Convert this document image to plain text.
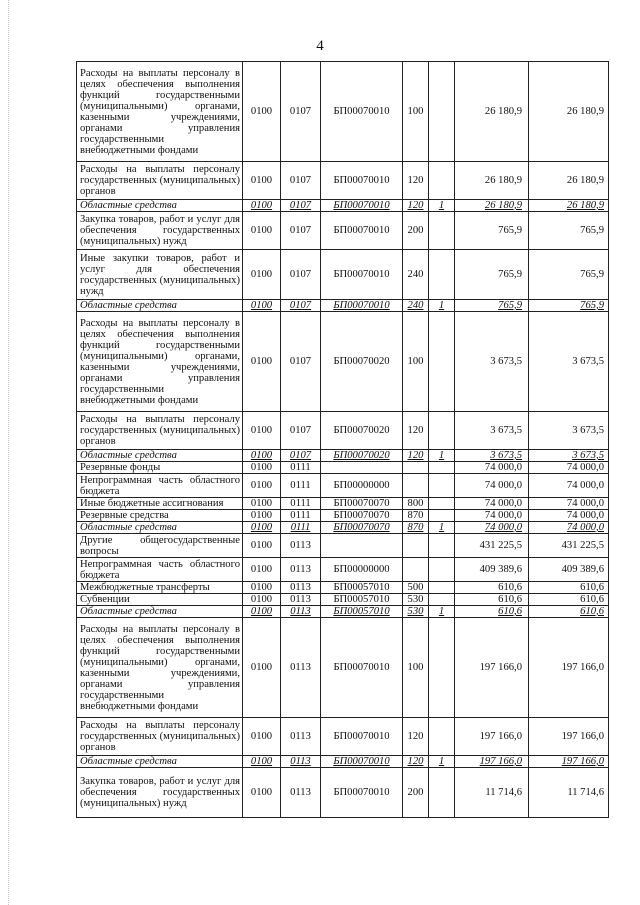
4
Расходы на выплаты персоналу в целях обеспечения выполнения функций государственными (муниципальными) органами, казенными учреждениями, органами управления государственными внебюджетными фондами	0100	0107	БП00070010	100		26 180,9	26 180,9
Расходы на выплаты персоналу государственных (муниципальных) органов	0100	0107	БП00070010	120		26 180,9	26 180,9
Областные средства	0100	0107	БП00070010	120	1	26 180,9	26 180,9
Закупка товаров, работ и услуг для обеспечения государственных (муниципальных) нужд	0100	0107	БП00070010	200		765,9	765,9
Иные закупки товаров, работ и услуг для обеспечения государственных (муниципальных) нужд	0100	0107	БП00070010	240		765,9	765,9
Областные средства	0100	0107	БП00070010	240	1	765,9	765,9
Расходы на выплаты персоналу в целях обеспечения выполнения функций государственными (муниципальными) органами, казенными учреждениями, органами управления государственными внебюджетными фондами	0100	0107	БП00070020	100		3 673,5	3 673,5
Расходы на выплаты персоналу государственных (муниципальных) органов	0100	0107	БП00070020	120		3 673,5	3 673,5
Областные средства	0100	0107	БП00070020	120	1	3 673,5	3 673,5
Резервные фонды	0100	0111				74 000,0	74 000,0
Непрограммная часть областного бюджета	0100	0111	БП00000000			74 000,0	74 000,0
Иные бюджетные ассигнования	0100	0111	БП00070070	800		74 000,0	74 000,0
Резервные средства	0100	0111	БП00070070	870		74 000,0	74 000,0
Областные средства	0100	0111	БП00070070	870	1	74 000,0	74 000,0
Другие общегосударственные вопросы	0100	0113				431 225,5	431 225,5
Непрограммная часть областного бюджета	0100	0113	БП00000000			409 389,6	409 389,6
Межбюджетные трансферты	0100	0113	БП00057010	500		610,6	610,6
Субвенции	0100	0113	БП00057010	530		610,6	610,6
Областные средства	0100	0113	БП00057010	530	1	610,6	610,6
Расходы на выплаты персоналу в целях обеспечения выполнения функций государственными (муниципальными) органами, казенными учреждениями, органами управления государственными внебюджетными фондами	0100	0113	БП00070010	100		197 166,0	197 166,0
Расходы на выплаты персоналу государственных (муниципальных) органов	0100	0113	БП00070010	120		197 166,0	197 166,0
Областные средства	0100	0113	БП00070010	120	1	197 166,0	197 166,0
Закупка товаров, работ и услуг для обеспечения государственных (муниципальных) нужд	0100	0113	БП00070010	200		11 714,6	11 714,6
